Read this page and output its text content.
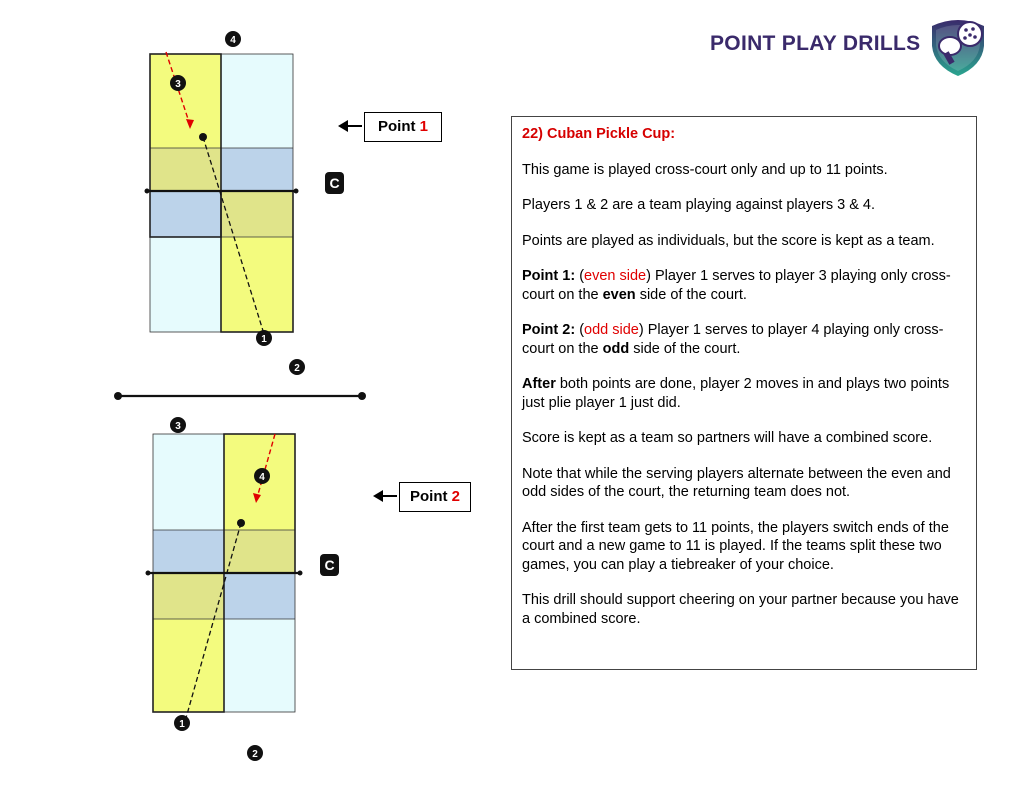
POINT PLAY DRILLS
4
3
1
2
3
4
1
2
C
C
Point 1
Point 2

22) Cuban Pickle Cup:

This game is played cross-court only and up to 11 points.

Players 1 & 2 are a team playing against players 3 & 4.

Points are played as individuals, but the score is kept as a team.

Point 1: (even side) Player 1 serves to player 3 playing only cross-court on the even side of the court.

Point 2: (odd side) Player 1 serves to player 4 playing only cross-court on the odd side of the court.

After both points are done, player 2 moves in and plays two points just plie player 1 just did.

Score is kept as a team so partners will have a combined score.

Note that while the serving players alternate between the even and odd sides of the court, the returning team does not.

After the first team gets to 11 points, the players switch ends of the court and a new game to 11 is played. If the teams split these two games, you can play a tiebreaker of your choice.

This drill should support cheering on your partner because you have a combined score.
